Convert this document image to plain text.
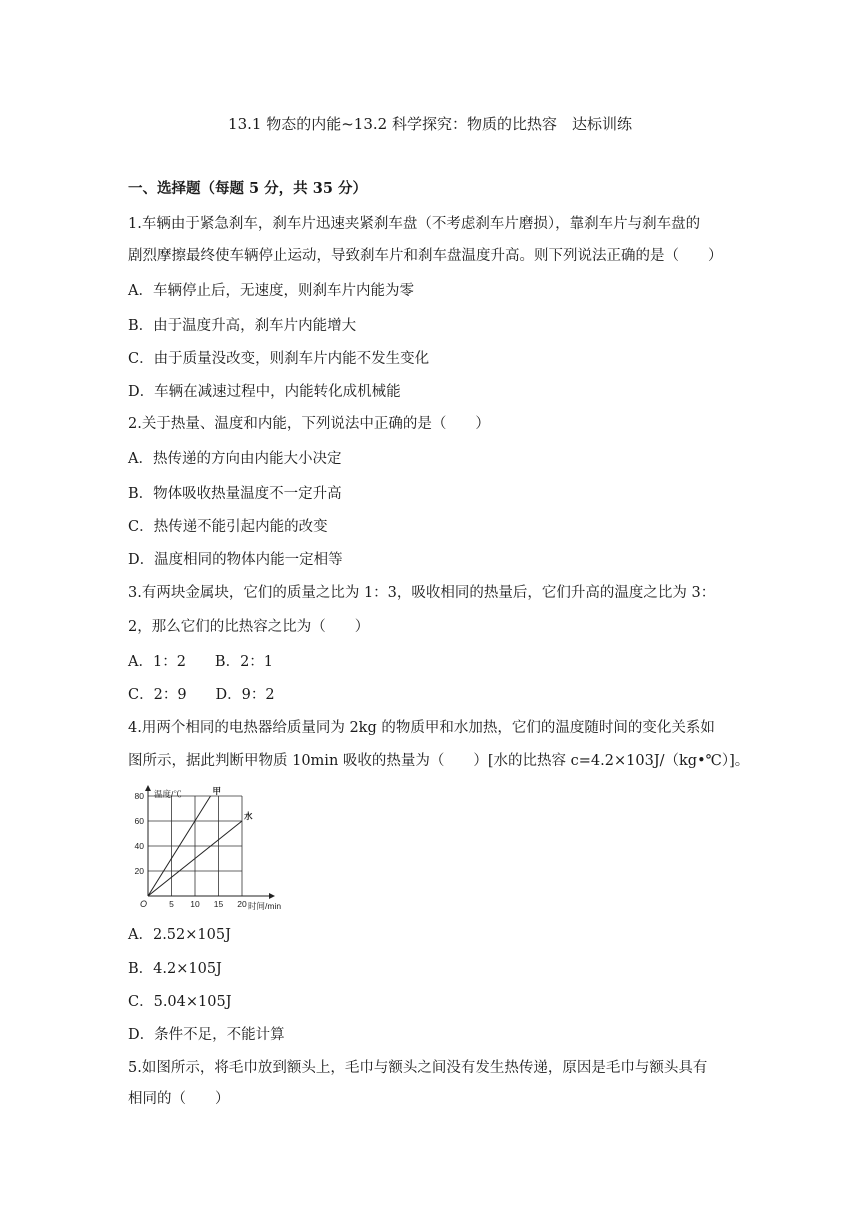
13.1 物态的内能~13.2 科学探究：物质的比热容　达标训练
一、选择题（每题 5 分，共 35 分）
1.车辆由于紧急刹车，刹车片迅速夹紧刹车盘（不考虑刹车片磨损），靠刹车片与刹车盘的
剧烈摩擦最终使车辆停止运动，导致刹车片和刹车盘温度升高。则下列说法正确的是（　　）
A．车辆停止后，无速度，则刹车片内能为零
B．由于温度升高，刹车片内能增大
C．由于质量没改变，则刹车片内能不发生变化
D．车辆在减速过程中，内能转化成机械能
2.关于热量、温度和内能，下列说法中正确的是（　　）
A．热传递的方向由内能大小决定
B．物体吸收热量温度不一定升高
C．热传递不能引起内能的改变
D．温度相同的物体内能一定相等
3.有两块金属块，它们的质量之比为 1：3，吸收相同的热量后，它们升高的温度之比为 3：
2，那么它们的比热容之比为（　　）
A．1：2　　B．2：1
C．2：9　　D．9：2
4.用两个相同的电热器给质量同为 2kg 的物质甲和水加热，它们的温度随时间的变化关系如
图所示，据此判断甲物质 10min 吸收的热量为（　　）[水的比热容 c=4.2×103J/（kg•℃）]。
甲
水
5 10 15 20
20
40
60
80 温度/℃
时间/min
O
A．2.52×105J
B．4.2×105J
C．5.04×105J
D．条件不足，不能计算
5.如图所示，将毛巾放到额头上，毛巾与额头之间没有发生热传递，原因是毛巾与额头具有
相同的（　　）
